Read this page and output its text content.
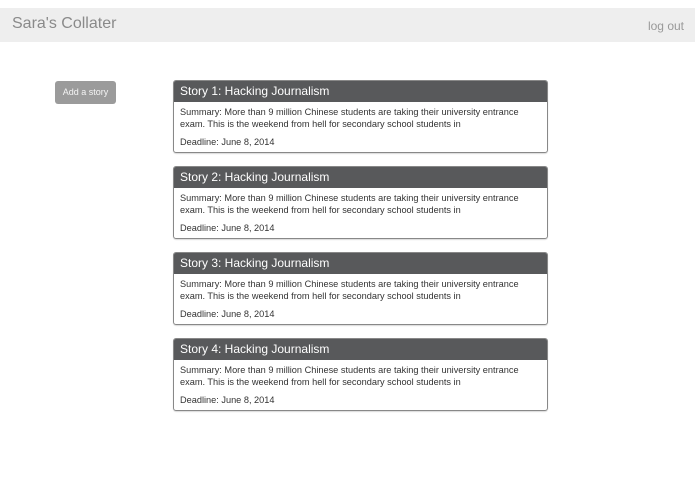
Sara's Collater	log out
Add a story	Story 1: Hacking Journalism
Summary: More than 9 million Chinese students are taking their university entrance exam. This is the weekend from hell for secondary school students in
Deadline: June 8, 2014
Story 2: Hacking Journalism
Summary: More than 9 million Chinese students are taking their university entrance exam. This is the weekend from hell for secondary school students in
Deadline: June 8, 2014
Story 3: Hacking Journalism
Summary: More than 9 million Chinese students are taking their university entrance exam. This is the weekend from hell for secondary school students in
Deadline: June 8, 2014
Story 4: Hacking Journalism
Summary: More than 9 million Chinese students are taking their university entrance exam. This is the weekend from hell for secondary school students in
Deadline: June 8, 2014
